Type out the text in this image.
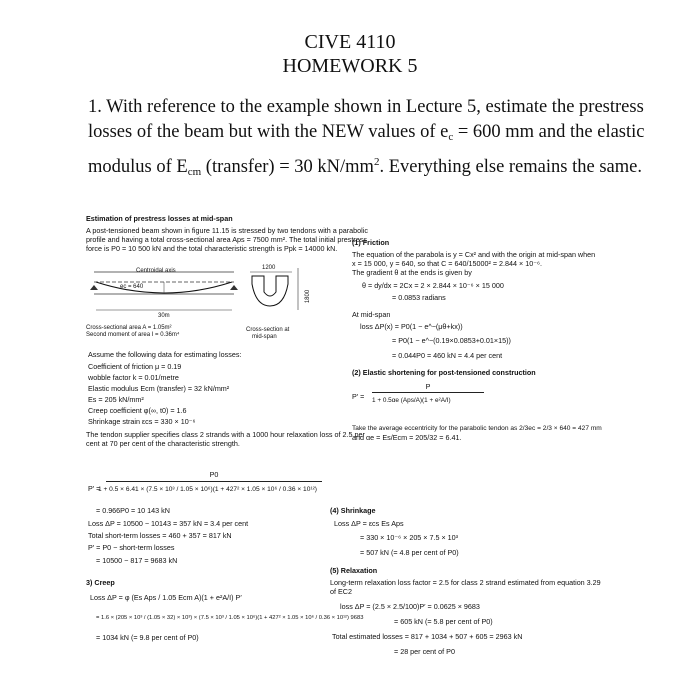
CIVE 4110
HOMEWORK 5
1. With reference to the example shown in Lecture 5, estimate the prestress losses of the beam but with the NEW values of ec = 600 mm and the elastic modulus of Ecm (transfer) = 30 $kN/mm^2$. Everything else remains the same.
Estimation of prestress losses at mid-span
A post-tensioned beam shown in figure 11.15 is stressed by two tendons with a parabolic
profile and having a total cross-sectional area Aps = 7500 mm². The total initial prestress
force is P0 = 10 500 kN and the total characteristic strength is Ppk = 14000 kN.
Centroidal axis
ec = 640
30m
1200
1800
Cross-sectional area A = 1.05m²
Second moment of area I = 0.36m⁴
Cross-section at
mid-span
Assume the following data for estimating losses:
Coefficient of friction μ = 0.19
wobble factor k = 0.01/metre
Elastic modulus Ecm (transfer) = 32 kN/mm²
Es = 205 kN/mm²
Creep coefficient φ(∞, t0) = 1.6
Shrinkage strain εcs = 330 × 10⁻⁶
The tendon supplier specifies class 2 strands with a 1000 hour relaxation loss of 2.5 per
cent at 70 per cent of the characteristic strength.
P′ =
P0
1 + 0.5 × 6.41 × (7.5 × 10³ / 1.05 × 10⁶)(1 + 427² × 1.05 × 10⁶ / 0.36 × 10¹²)
= 0.966P0 = 10 143 kN
Loss ΔP = 10500 − 10143 = 357 kN = 3.4 per cent
Total short-term losses = 460 + 357 = 817 kN
P′ = P0 − short-term losses
= 10500 − 817 = 9683 kN
3) Creep
Loss ΔP = φ (Es Aps / 1.05 Ecm A)(1 + e²A/I) P′
= 1.6 × (205 × 10³ / (1.05 × 32) × 10³) × (7.5 × 10³ / 1.05 × 10⁶)(1 + 427² × 1.05 × 10⁶ / 0.36 × 10¹²) 9683
= 1034 kN (= 9.8 per cent of P0)
(1) Friction
The equation of the parabola is y = Cx² and with the origin at mid-span when
x = 15 000, y = 640, so that C = 640/15000² = 2.844 × 10⁻⁶.
The gradient θ at the ends is given by
θ = dy/dx = 2Cx = 2 × 2.844 × 10⁻⁶ × 15 000
= 0.0853 radians
At mid-span
loss ΔP(x) = P0(1 − e^−(μθ+kx))
= P0(1 − e^−(0.19×0.0853+0.01×15))
= 0.044P0 = 460 kN = 4.4 per cent
(2) Elastic shortening for post-tensioned construction
P′ =
P
1 + 0.5αe (Aps/A)(1 + e²A/I)
Take the average eccentricity for the parabolic tendon as 2/3ec = 2/3 × 640 = 427 mm
and αe = Es/Ecm = 205/32 = 6.41.
(4) Shrinkage
Loss ΔP = εcs Es Aps
= 330 × 10⁻⁶ × 205 × 7.5 × 10³
= 507 kN (= 4.8 per cent of P0)
(5) Relaxation
Long-term relaxation loss factor = 2.5 for class 2 strand estimated from equation 3.29
of EC2
loss ΔP = (2.5 × 2.5/100)P′ = 0.0625 × 9683
= 605 kN (= 5.8 per cent of P0)
Total estimated losses = 817 + 1034 + 507 + 605 = 2963 kN
= 28 per cent of P0
